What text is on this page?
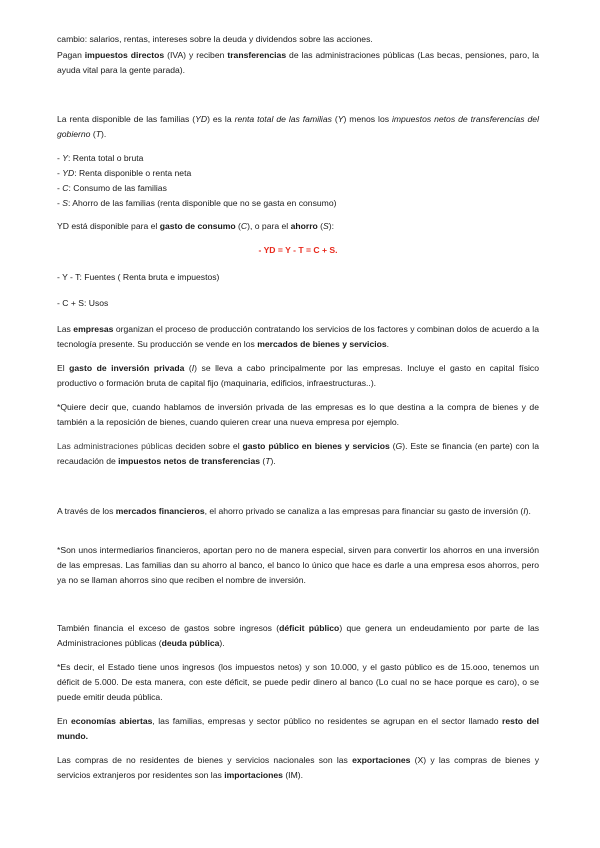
cambio: salarios, rentas, intereses sobre la deuda y dividendos sobre las acciones.

Pagan impuestos directos (IVA) y reciben transferencias de las administraciones públicas (Las becas, pensiones, paro, la ayuda vital para la gente parada).

La renta disponible de las familias (YD) es la renta total de las familias (Y) menos los impuestos netos de transferencias del gobierno (T).

- Y: Renta total o bruta
- YD: Renta disponible o renta neta
- C: Consumo de las familias
- S: Ahorro de las familias (renta disponible que no se gasta en consumo)

YD está disponible para el gasto de consumo (C), o para el ahorro (S):

- YD = Y - T = C + S.

- Y - T: Fuentes ( Renta bruta e impuestos)

- C + S: Usos

Las empresas organizan el proceso de producción contratando los servicios de los factores y combinan dolos de acuerdo a la tecnología presente. Su producción se vende en los mercados de bienes y servicios.

El gasto de inversión privada (I) se lleva a cabo principalmente por las empresas. Incluye el gasto en capital físico productivo o formación bruta de capital fijo (maquinaria, edificios, infraestructuras..).

*Quiere decir que, cuando hablamos de inversión privada de las empresas es lo que destina a la compra de bienes y de también a la reposición de bienes, cuando quieren crear una nueva empresa por ejemplo.

Las administraciones públicas deciden sobre el gasto público en bienes y servicios (G). Este se financia (en parte) con la recaudación de impuestos netos de transferencias (T).

A través de los mercados financieros, el ahorro privado se canaliza a las empresas para financiar su gasto de inversión (I).

*Son unos intermediarios financieros, aportan pero no de manera especial, sirven para convertir los ahorros en una inversión de las empresas. Las familias dan su ahorro al banco, el banco lo único que hace es darle a una empresa esos ahorros, pero ya no se llaman ahorros sino que reciben el nombre de inversión.

También financia el exceso de gastos sobre ingresos (déficit público) que genera un endeudamiento por parte de las Administraciones públicas (deuda pública).

*Es decir, el Estado tiene unos ingresos (los impuestos netos) y son 10.000, y el gasto público es de 15.ooo, tenemos un déficit de 5.000. De esta manera, con este déficit, se puede pedir dinero al banco (Lo cual no se hace porque es caro), o se puede emitir deuda pública.

En economías abiertas, las familias, empresas y sector público no residentes se agrupan en el sector llamado resto del mundo.

Las compras de no residentes de bienes y servicios nacionales son las exportaciones (X) y las compras de bienes y servicios extranjeros por residentes son las importaciones (IM).
